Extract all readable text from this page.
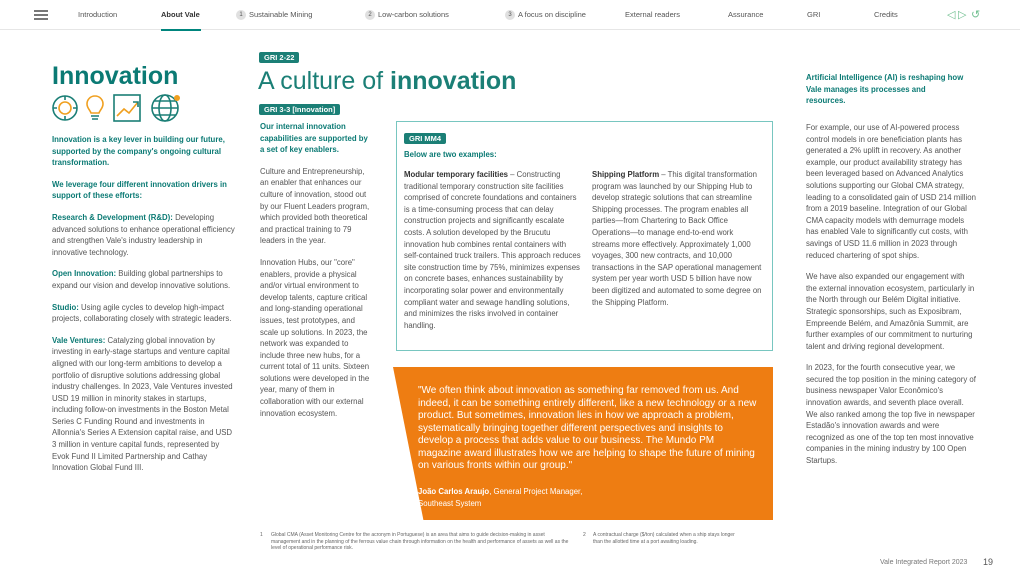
Introduction	About Vale	1 Sustainable Mining	2 Low-carbon solutions	3 A focus on discipline	External readers	Assurance	GRI	Credits	◁ ▷ ↺
Innovation

Innovation is a key lever in building our future, supported by the company's ongoing cultural transformation.

We leverage four different innovation drivers in support of these efforts:

Research & Development (R&D): Developing advanced solutions to enhance operational efficiency and strengthen Vale's industry leadership in innovative technology.

Open Innovation: Building global partnerships to expand our vision and develop innovative solutions.

Studio: Using agile cycles to develop high-impact projects, collaborating closely with strategic leaders.

Vale Ventures: Catalyzing global innovation by investing in early-stage startups and venture capital aligned with our long-term ambitions to develop a portfolio of disruptive solutions addressing global industry challenges. In 2023, Vale Ventures invested USD 19 million in minority stakes in startups, including follow-on investments in the Boston Metal Series C Funding Round and investments in Allonnia's Series A Extension capital raise, and USD 3 million in venture capital funds, represented by Evok Fund II Limited Partnership and Cathay Innovation Global Fund III.

GRI 2-22
A culture of innovation
GRI 3-3 [Innovation]

Our internal innovation capabilities are supported by a set of key enablers.

Culture and Entrepreneurship, an enabler that enhances our culture of innovation, stood out by our Fluent Leaders program, which provided both theoretical and practical training to 79 leaders in the year.

Innovation Hubs, our "core" enablers, provide a physical and/or virtual environment to develop talents, capture critical and long-standing operational issues, test prototypes, and scale up solutions. In 2023, the network was expanded to include three new hubs, for a current total of 11 units. Sixteen solutions were developed in the year, many of them in collaboration with our external innovation ecosystem.

GRI MM4
Below are two examples:
Modular temporary facilities – Constructing traditional temporary construction site facilities comprised of concrete foundations and containers is a time-consuming process that can delay construction projects and significantly escalate costs. A solution developed by the Brucutu innovation hub combines rental containers with self-contained truck trailers. This approach reduces site construction time by 75%, minimizes expenses on concrete bases, enhances sustainability by incorporating solar power and environmentally compliant water and sewage handling solutions, and minimizes the risks involved in container handling.
Shipping Platform – This digital transformation program was launched by our Shipping Hub to develop strategic solutions that can streamline Shipping processes. The program enables all parties—from Chartering to Back Office Operations—to manage end-to-end work streams more effectively. Approximately 1,000 voyages, 300 new contracts, and 10,000 transactions in the SAP operational management system per year worth USD 5 billion have now been digitized and automated to some degree on the Shipping Platform.
"We often think about innovation as something far removed from us. And indeed, it can be something entirely different, like a new technology or a new product. But sometimes, innovation lies in how we approach a problem, systematically bringing together different perspectives and insights to develop a process that adds value to our business. The Mundo PM magazine award illustrates how we are helping to shape the future of mining on various fronts within our group."
João Carlos Araujo, General Project Manager, Southeast System
1 Global CMA (Asset Monitoring Centre for the acronym in Portuguese) is an area that aims to guide decision-making in asset management and in the planning of the ferrous value chain through information on the health and performance of assets as well as the level of operational performance risk.
2 A contractual charge ($/ton) calculated when a ship stays longer than the allotted time at a port awaiting loading.
Artificial Intelligence (AI) is reshaping how Vale manages its processes and resources.

For example, our use of AI-powered process control models in ore beneficiation plants has generated a 2% uplift in recovery. As another example, our product availability strategy has been leveraged based on Advanced Analytics solutions supporting our Global CMA strategy, leading to a consolidated gain of USD 214 million from a 2019 baseline. Integration of our Global CMA capacity models with demurrage models has enabled Vale to significantly cut costs, with savings of USD 11.6 million in 2023 through reduced chartering of spot ships.

We have also expanded our engagement with the external innovation ecosystem, particularly in the North through our Belém Digital initiative. Strategic sponsorships, such as Exposibram, Empreende Belém, and Amazônia Summit, are further examples of our commitment to nurturing talent and driving regional development.

In 2023, for the fourth consecutive year, we secured the top position in the mining category of business newspaper Valor Econômico's innovation awards, and seventh place overall. We also ranked among the top five in newspaper Estadão's innovation awards and were recognized as one of the top ten most innovative companies in the mining industry by 100 Open Startups.

Vale Integrated Report 2023 19
